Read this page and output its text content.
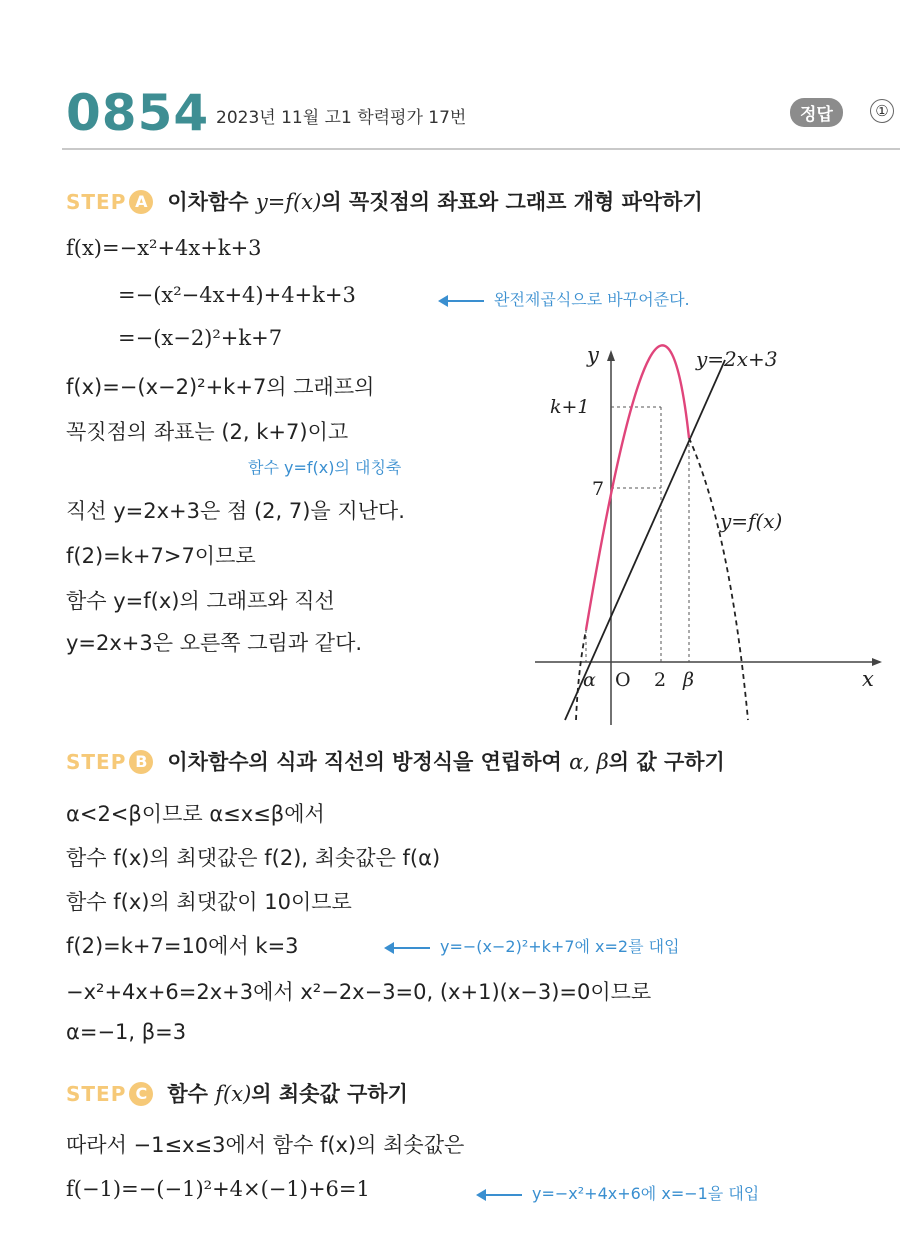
0854 2023년 11월 고1 학력평가 17번	정답	①
STEP A 이차함수 y=f(x)의 꼭짓점의 좌표와 그래프 개형 파악하기
f(x)=−x²+4x+k+3
=−(x²−4x+4)+4+k+3	완전제곱식으로 바꾸어준다.
=−(x−2)²+k+7
f(x)=−(x−2)²+k+7의 그래프의
꼭짓점의 좌표는 (2, k+7)이고
함수 y=f(x)의 대칭축
직선 y=2x+3은 점 (2, 7)을 지난다.
f(2)=k+7>7이므로
함수 y=f(x)의 그래프와 직선
y=2x+3은 오른쪽 그림과 같다.
y
x
y=2x+3
y=f(x)
k+1
7
α O 2 β
STEP B 이차함수의 식과 직선의 방정식을 연립하여 α, β의 값 구하기
α<2<β이므로 α≤x≤β에서
함수 f(x)의 최댓값은 f(2), 최솟값은 f(α)
함수 f(x)의 최댓값이 10이므로
f(2)=k+7=10에서 k=3	y=−(x−2)²+k+7에 x=2를 대입
−x²+4x+6=2x+3에서 x²−2x−3=0, (x+1)(x−3)=0이므로
α=−1, β=3
STEP C 함수 f(x)의 최솟값 구하기
따라서 −1≤x≤3에서 함수 f(x)의 최솟값은
f(−1)=−(−1)²+4×(−1)+6=1	y=−x²+4x+6에 x=−1을 대입
